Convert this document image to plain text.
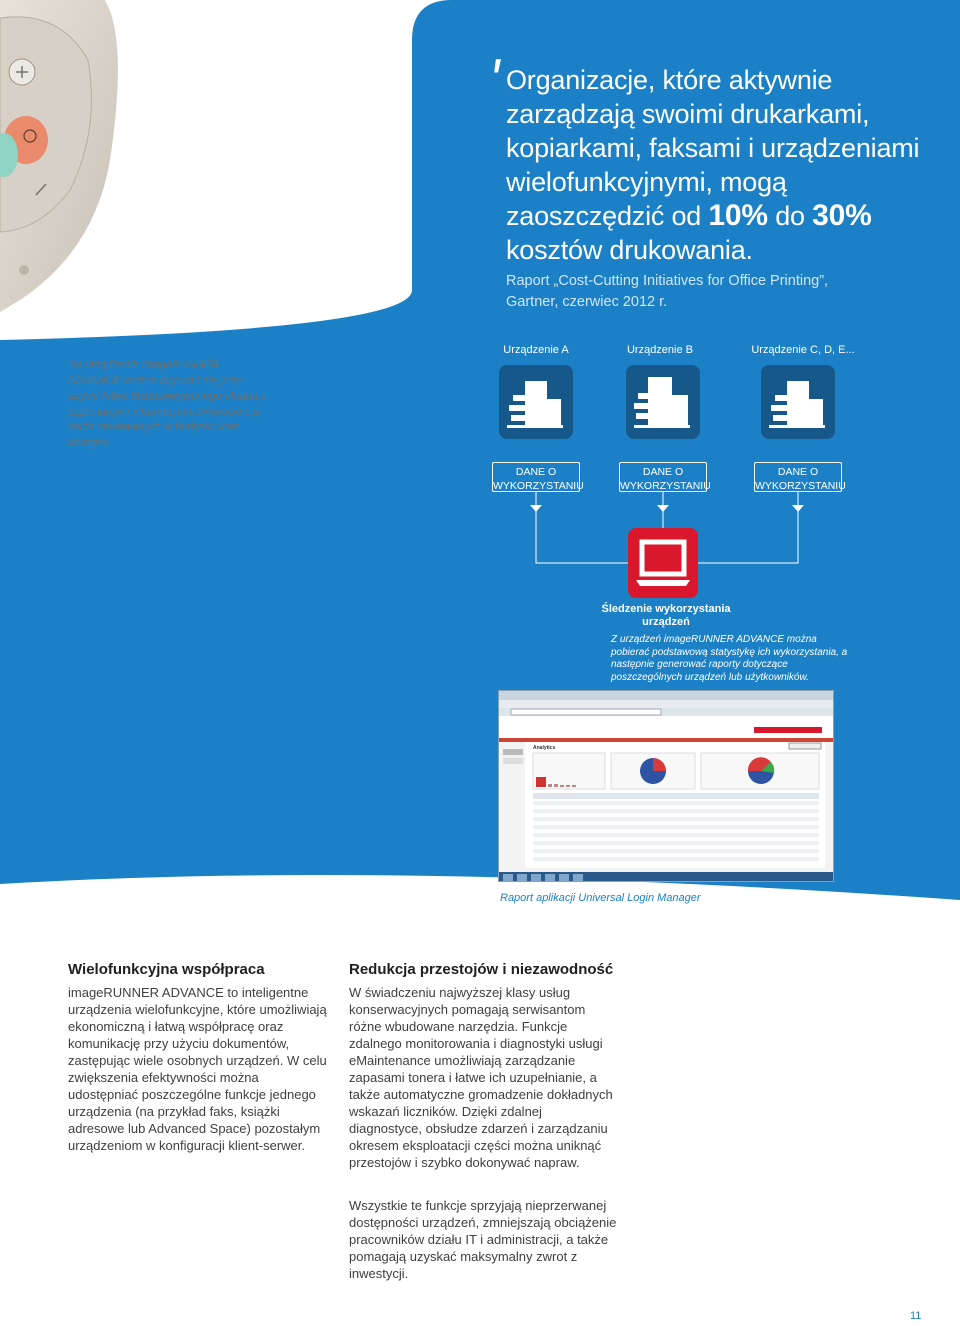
ʹ Organizacje, które aktywnie zarządzają swoimi drukarkami, kopiarkami, faksami i urządzeniami wielofunkcyjnymi, mogą zaoszczędzić od 10% do 30% kosztów drukowania.
Raport „Cost-Cutting Initiatives for Office Printing”,
Gartner, czerwiec 2012 r.
Do urządzenia imageRUNNER ADVANCE można logować się przy użyciu łatwo dostosowywanego ekranu z logo i innymi informacjami firmowymi, a także stosowanych w budynku kart dostępu.
Urządzenie A
DANE O
WYKORZYSTANIU
Urządzenie B
DANE O
WYKORZYSTANIU
Urządzenie C, D, E...
DANE O
WYKORZYSTANIU
Śledzenie wykorzystania urządzeń
Z urządzeń imageRUNNER ADVANCE można pobierać podstawową statystykę ich wykorzystania, a następnie generować raporty dotyczące poszczególnych urządzeń lub użytkowników.
Analytics
Raport aplikacji Universal Login Manager
Wielofunkcyjna współpraca
imageRUNNER ADVANCE to inteligentne urządzenia wielofunkcyjne, które umożliwiają ekonomiczną i łatwą współpracę oraz komunikację przy użyciu dokumentów, zastępując wiele osobnych urządzeń. W celu zwiększenia efektywności można udostępniać poszczególne funkcje jednego urządzenia (na przykład faks, książki adresowe lub Advanced Space) pozostałym urządzeniom w konfiguracji klient-serwer.
Redukcja przestojów i niezawodność
W świadczeniu najwyższej klasy usług konserwacyjnych pomagają serwisantom różne wbudowane narzędzia. Funkcje zdalnego monitorowania i diagnostyki usługi eMaintenance umożliwiają zarządzanie zapasami tonera i łatwe ich uzupełnianie, a także automatyczne gromadzenie dokładnych wskazań liczników. Dzięki zdalnej diagnostyce, obsłudze zdarzeń i zarządzaniu okresem eksploatacji części można uniknąć przestojów i szybko dokonywać napraw.
Wszystkie te funkcje sprzyjają nieprzerwanej dostępności urządzeń, zmniejszają obciążenie pracowników działu IT i administracji, a także pomagają uzyskać maksymalny zwrot z inwestycji.
11
